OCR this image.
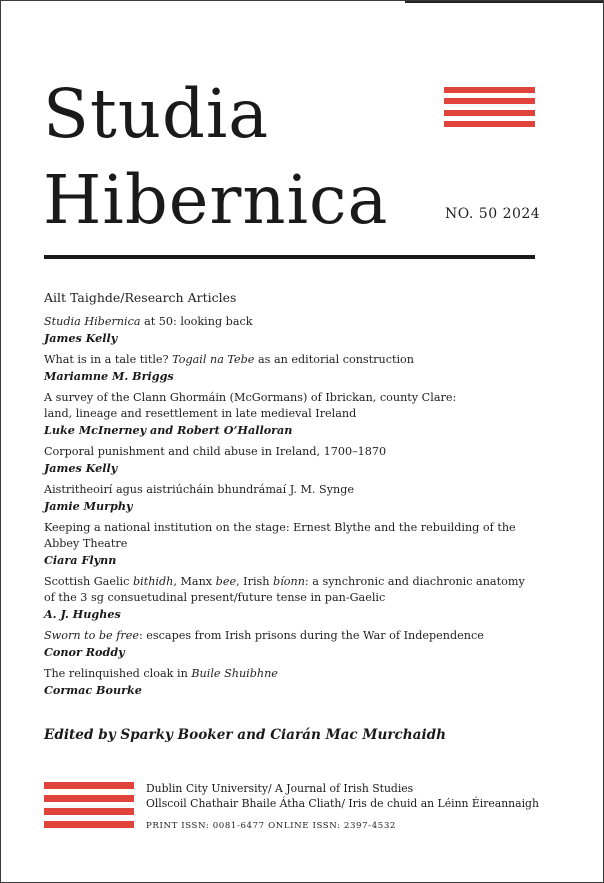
Studia
Hibernica	NO. 50 2024
Ailt Taighde/Research Articles
Studia Hibernica at 50: looking back
James Kelly
What is in a tale title? Togail na Tebe as an editorial construction
Mariamne M. Briggs
A survey of the Clann Ghormáin (McGormans) of Ibrickan, county Clare:
land, lineage and resettlement in late medieval Ireland
Luke McInerney and Robert O’Halloran
Corporal punishment and child abuse in Ireland, 1700–1870
James Kelly
Aistritheoirí agus aistriúcháin bhundrámaí J. M. Synge
Jamie Murphy
Keeping a national institution on the stage: Ernest Blythe and the rebuilding of the
Abbey Theatre
Ciara Flynn
Scottish Gaelic bithidh, Manx bee, Irish bíonn: a synchronic and diachronic anatomy
of the 3 sg consuetudinal present/future tense in pan-Gaelic
A. J. Hughes
Sworn to be free: escapes from Irish prisons during the War of Independence
Conor Roddy
The relinquished cloak in Buile Shuibhne
Cormac Bourke
Edited by Sparky Booker and Ciarán Mac Murchaidh
Dublin City University/ A Journal of Irish Studies
Ollscoil Chathair Bhaile Átha Cliath/ Iris de chuid an Léinn Éireannaigh
PRINT ISSN: 0081-6477 ONLINE ISSN: 2397-4532
